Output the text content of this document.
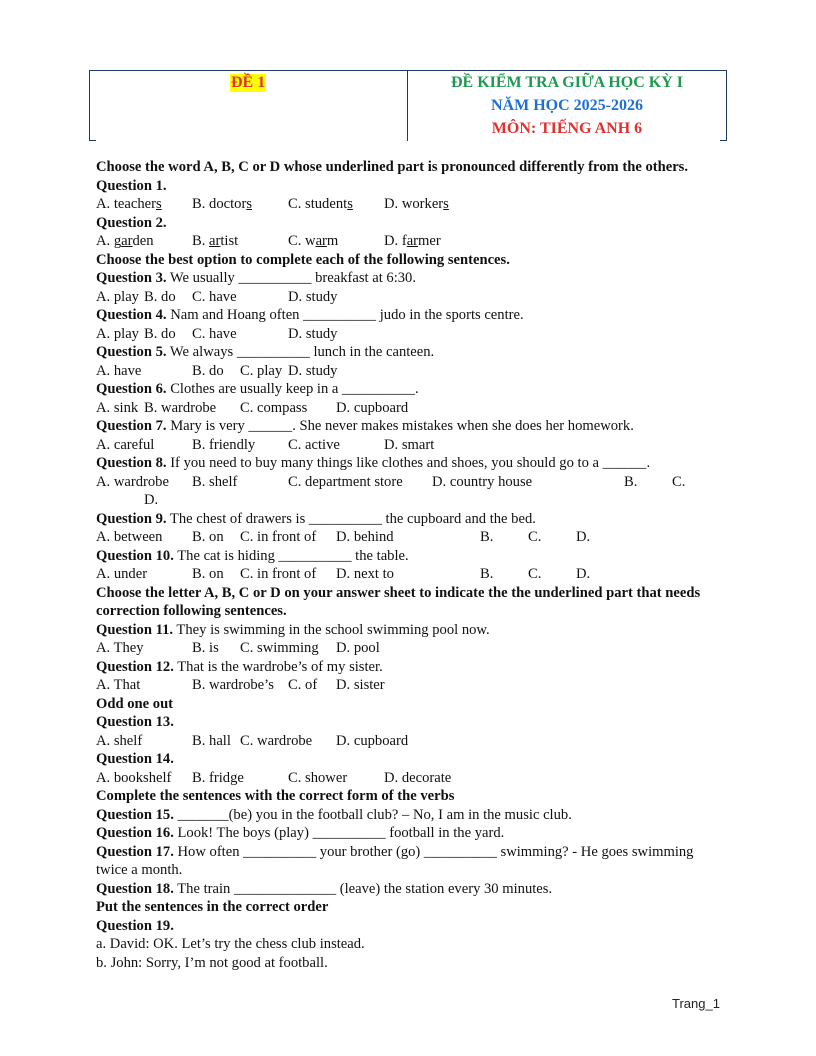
ĐỀ 1	ĐỀ KIỂM TRA GIỮA HỌC KỲ I
NĂM HỌC 2025-2026
MÔN: TIẾNG ANH 6
Choose the word A, B, C or D whose underlined part is pronounced differently from the others.
Question 1.
A. teachers B. doctors C. students D. workers
Question 2.
A. garden	B. artist	C. warm	D. farmer
Choose the best option to complete each of the following sentences.
Question 3. We usually __________ breakfast at 6:30.
A. play B. do C. have	D. study
Question 4. Nam and Hoang often __________ judo in the sports centre.
A. play B. do C. have	D. study
Question 5. We always __________ lunch in the canteen.
A. have	B. do C. play D. study
Question 6. Clothes are usually keep in a __________.
A. sink B. wardrobe C. compass D. cupboard
Question 7. Mary is very ______. She never makes mistakes when she does her homework.
A. careful	B. friendly C. active	D. smart
Question 8. If you need to buy many things like clothes and shoes, you should go to a ______.
A. wardrobe B. shelf	C. department store D. country house	B. C.
D.
Question 9. The chest of drawers is __________ the cupboard and the bed.
A. between B. on C. in front of D. behind	B. C. D.
Question 10. The cat is hiding __________ the table.
A. under	B. on C. in front of D. next to	B. C. D.
Choose the letter A, B, C or D on your answer sheet to indicate the the underlined part that needs correction following sentences.
Question 11. They is swimming in the school swimming pool now.
A. They	B. is C. swimming D. pool
Question 12. That is the wardrobe’s of my sister.
A. That	B. wardrobe’s C. of D. sister
Odd one out
Question 13.
A. shelf	B. hall C. wardrobe D. cupboard
Question 14.
A. bookshelf B. fridge	C. shower	D. decorate
Complete the sentences with the correct form of the verbs
Question 15. _______(be) you in the football club? – No, I am in the music club.
Question 16. Look! The boys (play) __________ football in the yard.
Question 17. How often __________ your brother (go) __________ swimming? - He goes swimming twice a month.
Question 18. The train ______________ (leave) the station every 30 minutes.
Put the sentences in the correct order
Question 19.
a. David: OK. Let’s try the chess club instead.
b. John: Sorry, I’m not good at football.
Trang_1
